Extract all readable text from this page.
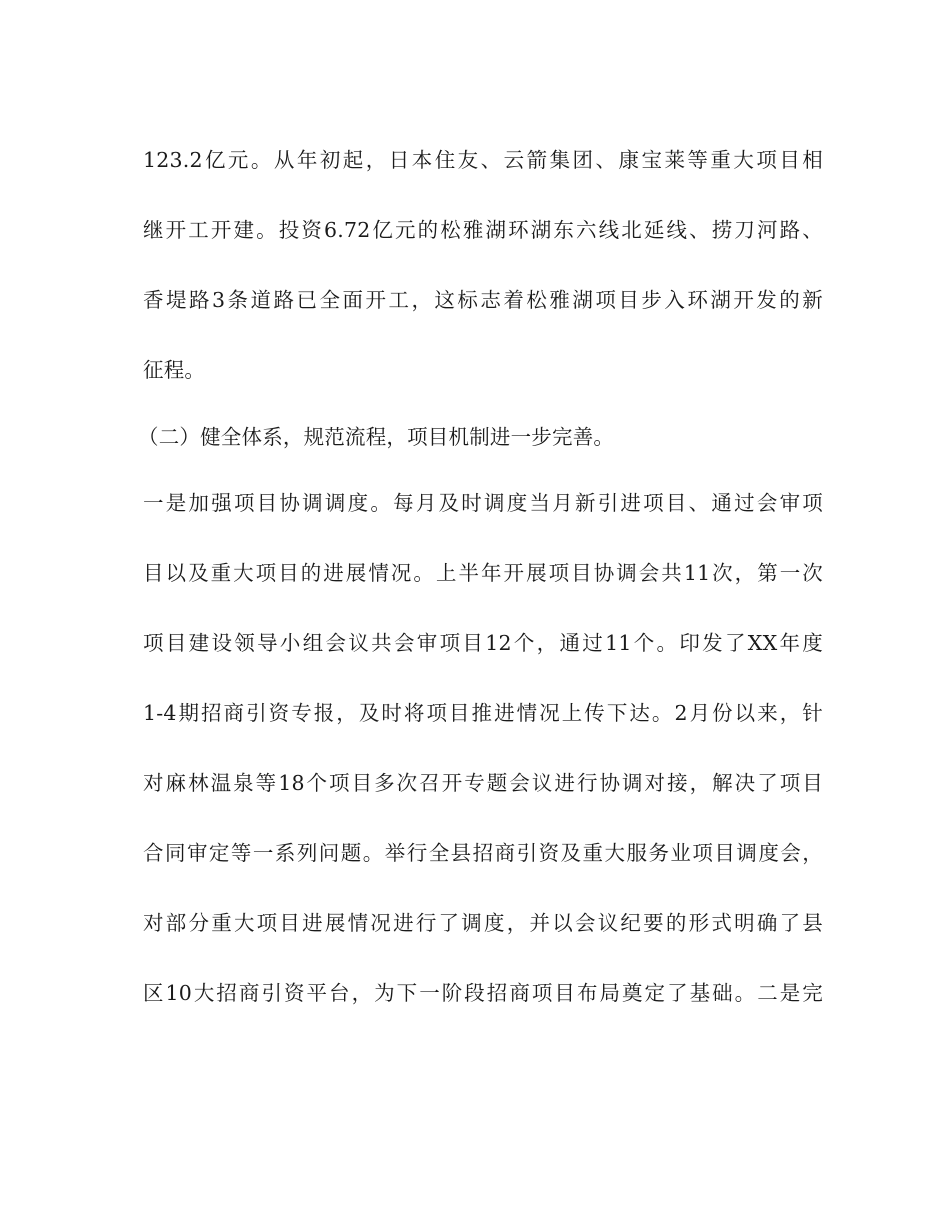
123.2亿元。从年初起，日本住友、云箭集团、康宝莱等重大项目相
继开工开建。投资6.72亿元的松雅湖环湖东六线北延线、捞刀河路、
香堤路3条道路已全面开工，这标志着松雅湖项目步入环湖开发的新
征程。
（二）健全体系，规范流程，项目机制进一步完善。
一是加强项目协调调度。每月及时调度当月新引进项目、通过会审项
目以及重大项目的进展情况。上半年开展项目协调会共11次，第一次
项目建设领导小组会议共会审项目12个，通过11个。印发了XX年度
1-4期招商引资专报，及时将项目推进情况上传下达。2月份以来，针
对麻林温泉等18个项目多次召开专题会议进行协调对接，解决了项目
合同审定等一系列问题。举行全县招商引资及重大服务业项目调度会，
对部分重大项目进展情况进行了调度，并以会议纪要的形式明确了县
区10大招商引资平台，为下一阶段招商项目布局奠定了基础。二是完
